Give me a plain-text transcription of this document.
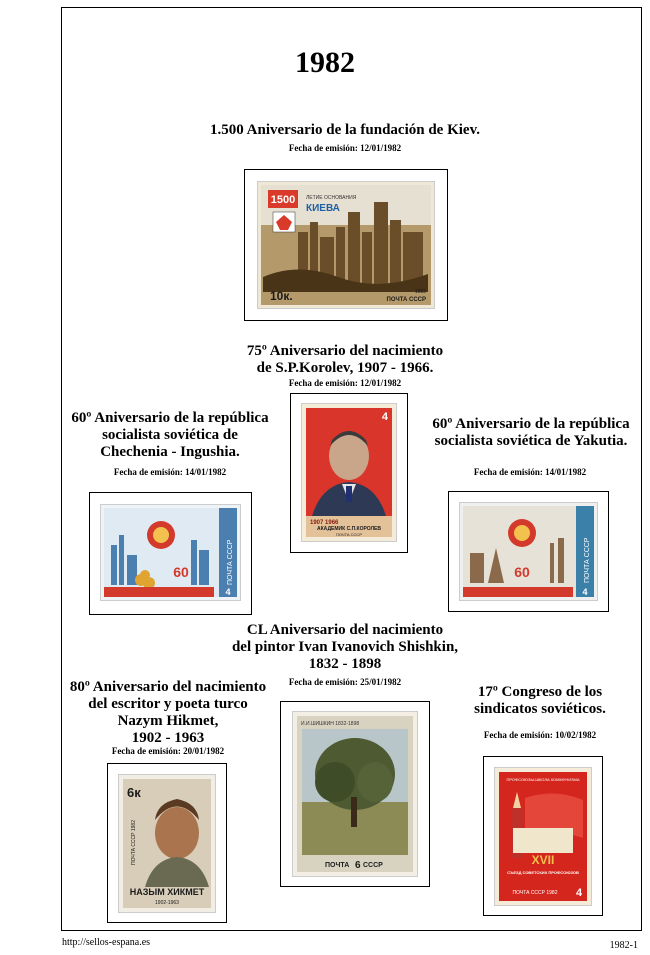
1982
1.500 Aniversario de la fundación de Kiev.
Fecha de emisión: 12/01/1982
1500 ЛЕТИЕ ОСНОВАНИЯ
КИЕВА
10к.	1982
ПОЧТА СССР
75º Aniversario del nacimiento
de S.P.Korolev, 1907 - 1966.
Fecha de emisión: 12/01/1982
4
1907 1966
АКАДЕМИК С.П.КОРОЛЕВ
ПОЧТА СССР
60º Aniversario de la república
socialista soviética de
Chechenia - Ingushia.
Fecha de emisión: 14/01/1982
60	ПОЧТА СССР
4
60º Aniversario de la república
socialista soviética de Yakutia.
Fecha de emisión: 14/01/1982
60	ПОЧТА СССР
4
CL Aniversario del nacimiento
del pintor Ivan Ivanovich Shishkin,
1832 - 1898
Fecha de emisión: 25/01/1982
И.И.ШИШКИН 1832-1898
ПОЧТА 6 СССР
80º Aniversario del nacimiento
del escritor y poeta turco
Nazym Hikmet,
1902 - 1963
Fecha de emisión: 20/01/1982
6к
ПОЧТА СССР 1982
НАЗЫМ ХИКМЕТ
1902-1963
17º Congreso de los
sindicatos soviéticos.
Fecha de emisión: 10/02/1982
ПРОФСОЮЗЫ-ШКОЛА КОММУНИЗМА
XVII
СЪЕЗД СОВЕТСКИХ ПРОФСОЮЗОВ
ПОЧТА СССР 1982 4
http://sellos-espana.es	1982-1
